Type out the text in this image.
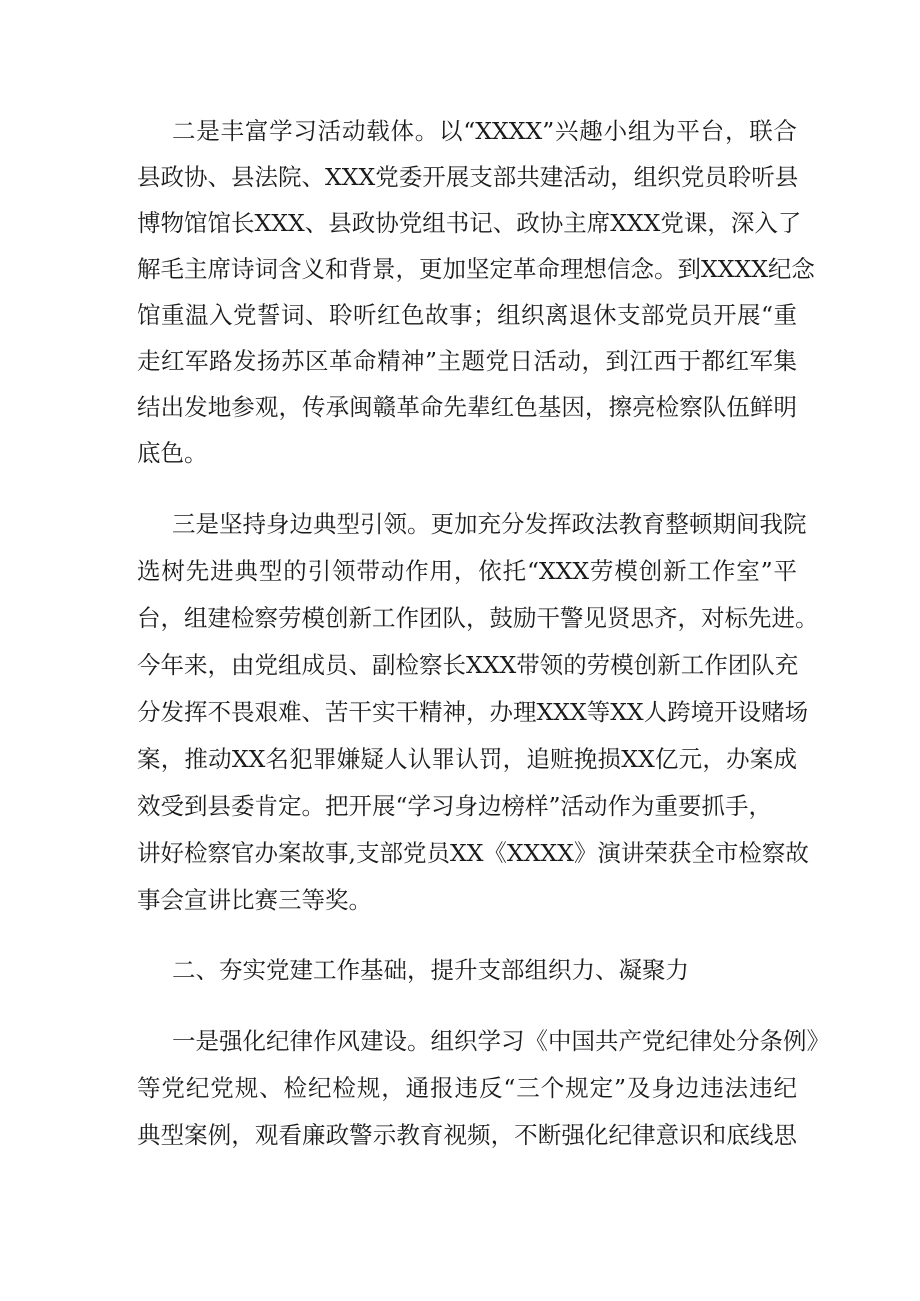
二是丰富学习活动载体。以“XXXX”兴趣小组为平台，联合
县政协、县法院、XXX党委开展支部共建活动，组织党员聆听县
博物馆馆长XXX、县政协党组书记、政协主席XXX党课，深入了
解毛主席诗词含义和背景，更加坚定革命理想信念。到XXXX纪念
馆重温入党誓词、聆听红色故事；组织离退休支部党员开展“重
走红军路发扬苏区革命精神”主题党日活动，到江西于都红军集
结出发地参观，传承闽赣革命先辈红色基因，擦亮检察队伍鲜明
底色。
三是坚持身边典型引领。更加充分发挥政法教育整顿期间我院
选树先进典型的引领带动作用，依托“XXX劳模创新工作室”平
台，组建检察劳模创新工作团队，鼓励干警见贤思齐，对标先进。
今年来，由党组成员、副检察长XXX带领的劳模创新工作团队充
分发挥不畏艰难、苦干实干精神，办理XXX等XX人跨境开设赌场
案，推动XX名犯罪嫌疑人认罪认罚，追赃挽损XX亿元，办案成
效受到县委肯定。把开展“学习身边榜样”活动作为重要抓手，
讲好检察官办案故事,支部党员XX《XXXX》演讲荣获全市检察故
事会宣讲比赛三等奖。
二、夯实党建工作基础，提升支部组织力、凝聚力
一是强化纪律作风建设。组织学习《中国共产党纪律处分条例》
等党纪党规、检纪检规，通报违反“三个规定”及身边违法违纪
典型案例，观看廉政警示教育视频，不断强化纪律意识和底线思
